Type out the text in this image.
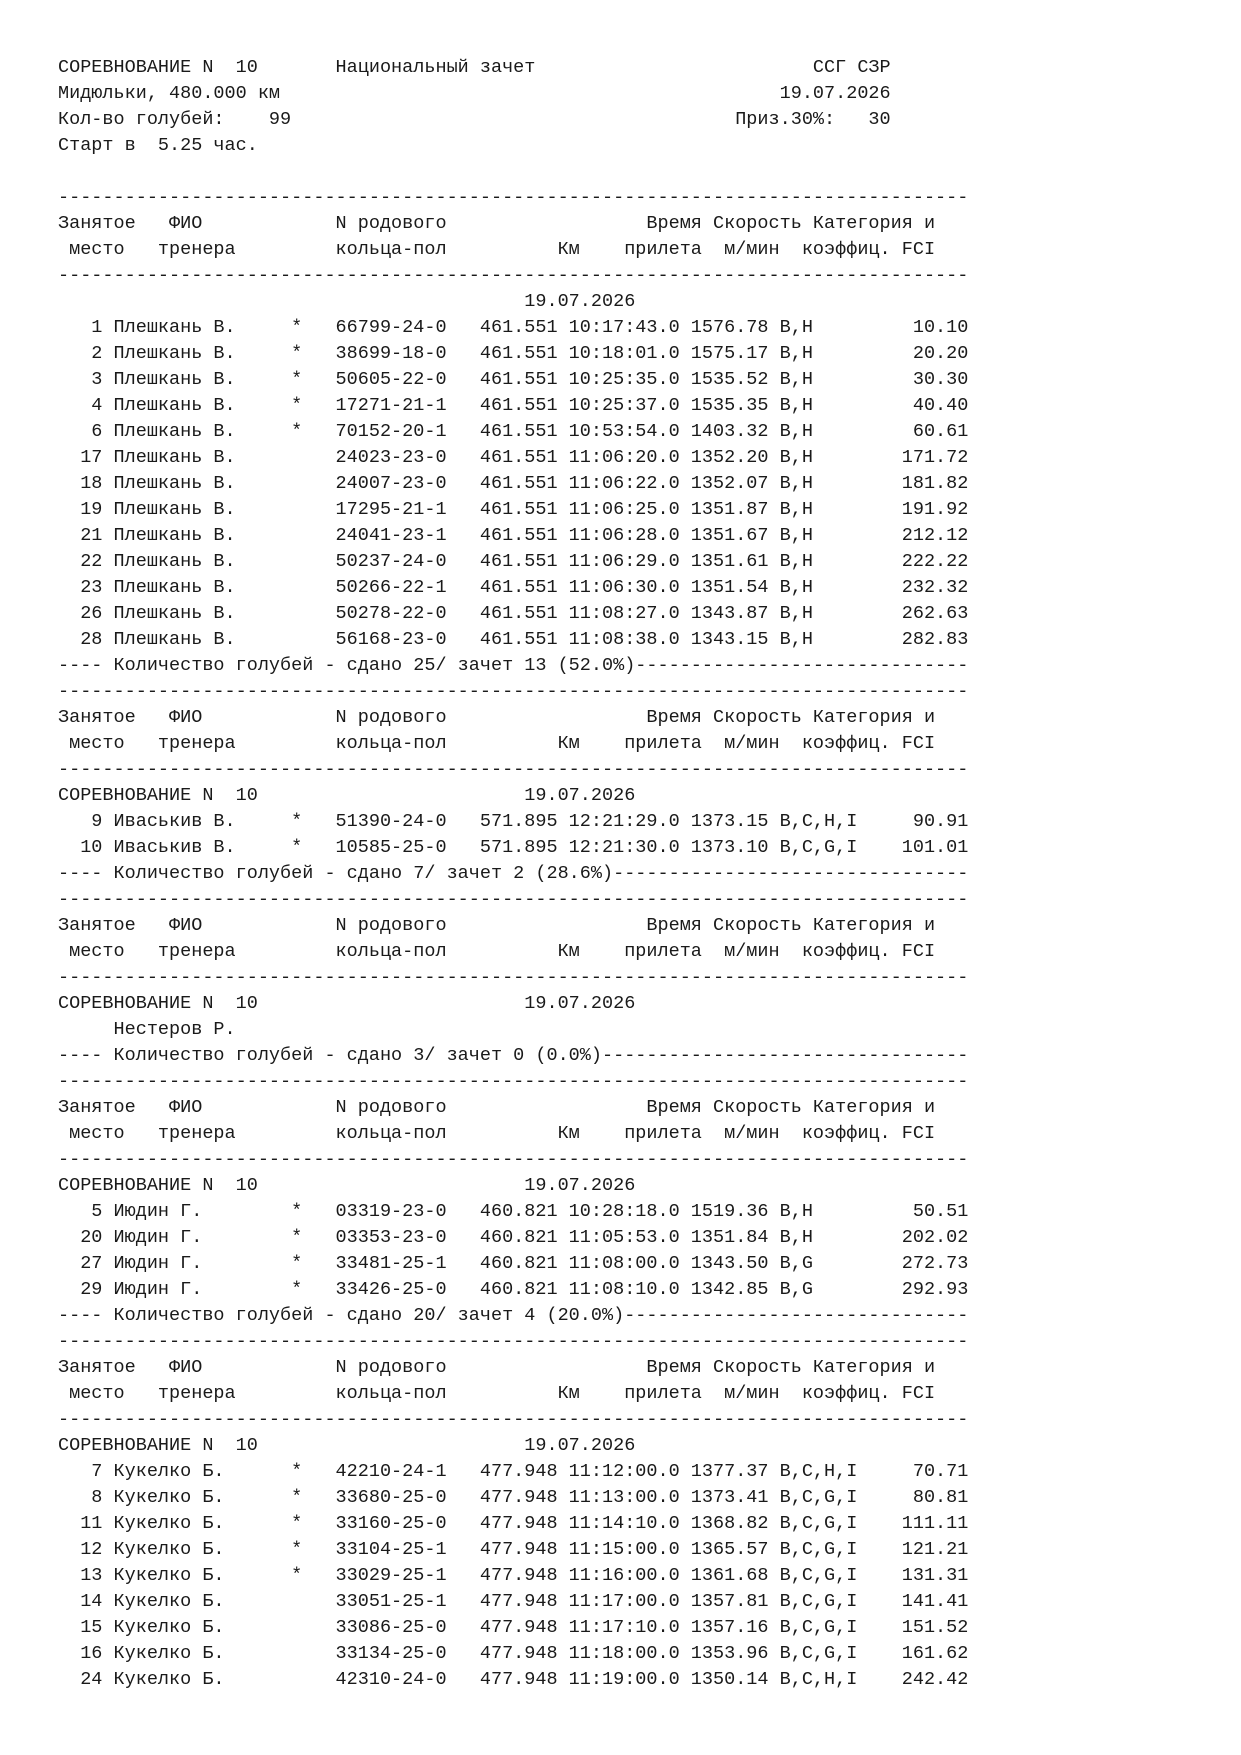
СОРЕВНОВАНИЕ N  10       Национальный зачет                         ССГ СЗР
Мидюльки, 480.000 км                                             19.07.2026
Кол-во голубей:    99                                        Приз.30%:   30
Старт в  5.25 час.
----------------------------------------------------------------------------------
Занятое   ФИО            N родового                  Время Скорость Категория и
место   тренера         кольца-пол          Км    прилета  м/мин  коэффиц. FCI
----------------------------------------------------------------------------------
19.07.2026
1 Плешкань В.     *   66799-24-0   461.551 10:17:43.0 1576.78 B,H         10.10
2 Плешкань В.     *   38699-18-0   461.551 10:18:01.0 1575.17 B,H         20.20
3 Плешкань В.     *   50605-22-0   461.551 10:25:35.0 1535.52 B,H         30.30
4 Плешкань В.     *   17271-21-1   461.551 10:25:37.0 1535.35 B,H         40.40
6 Плешкань В.     *   70152-20-1   461.551 10:53:54.0 1403.32 B,H         60.61
17 Плешкань В.         24023-23-0   461.551 11:06:20.0 1352.20 B,H        171.72
18 Плешкань В.         24007-23-0   461.551 11:06:22.0 1352.07 B,H        181.82
19 Плешкань В.         17295-21-1   461.551 11:06:25.0 1351.87 B,H        191.92
21 Плешкань В.         24041-23-1   461.551 11:06:28.0 1351.67 B,H        212.12
22 Плешкань В.         50237-24-0   461.551 11:06:29.0 1351.61 B,H        222.22
23 Плешкань В.         50266-22-1   461.551 11:06:30.0 1351.54 B,H        232.32
26 Плешкань В.         50278-22-0   461.551 11:08:27.0 1343.87 B,H        262.63
28 Плешкань В.         56168-23-0   461.551 11:08:38.0 1343.15 B,H        282.83
---- Количество голубей - сдано 25/ зачет 13 (52.0%)------------------------------
----------------------------------------------------------------------------------
Занятое   ФИО            N родового                  Время Скорость Категория и
место   тренера         кольца-пол          Км    прилета  м/мин  коэффиц. FCI
----------------------------------------------------------------------------------
СОРЕВНОВАНИЕ N  10                        19.07.2026
9 Иваськив В.     *   51390-24-0   571.895 12:21:29.0 1373.15 B,C,H,I     90.91
10 Иваськив В.     *   10585-25-0   571.895 12:21:30.0 1373.10 B,C,G,I    101.01
---- Количество голубей - сдано 7/ зачет 2 (28.6%)--------------------------------
----------------------------------------------------------------------------------
Занятое   ФИО            N родового                  Время Скорость Категория и
место   тренера         кольца-пол          Км    прилета  м/мин  коэффиц. FCI
----------------------------------------------------------------------------------
СОРЕВНОВАНИЕ N  10                        19.07.2026
Нестеров Р.
---- Количество голубей - сдано 3/ зачет 0 (0.0%)---------------------------------
----------------------------------------------------------------------------------
Занятое   ФИО            N родового                  Время Скорость Категория и
место   тренера         кольца-пол          Км    прилета  м/мин  коэффиц. FCI
----------------------------------------------------------------------------------
СОРЕВНОВАНИЕ N  10                        19.07.2026
5 Июдин Г.        *   03319-23-0   460.821 10:28:18.0 1519.36 B,H         50.51
20 Июдин Г.        *   03353-23-0   460.821 11:05:53.0 1351.84 B,H        202.02
27 Июдин Г.        *   33481-25-1   460.821 11:08:00.0 1343.50 B,G        272.73
29 Июдин Г.        *   33426-25-0   460.821 11:08:10.0 1342.85 B,G        292.93
---- Количество голубей - сдано 20/ зачет 4 (20.0%)-------------------------------
----------------------------------------------------------------------------------
Занятое   ФИО            N родового                  Время Скорость Категория и
место   тренера         кольца-пол          Км    прилета  м/мин  коэффиц. FCI
----------------------------------------------------------------------------------
СОРЕВНОВАНИЕ N  10                        19.07.2026
7 Кукелко Б.      *   42210-24-1   477.948 11:12:00.0 1377.37 B,C,H,I     70.71
8 Кукелко Б.      *   33680-25-0   477.948 11:13:00.0 1373.41 B,C,G,I     80.81
11 Кукелко Б.      *   33160-25-0   477.948 11:14:10.0 1368.82 B,C,G,I    111.11
12 Кукелко Б.      *   33104-25-1   477.948 11:15:00.0 1365.57 B,C,G,I    121.21
13 Кукелко Б.      *   33029-25-1   477.948 11:16:00.0 1361.68 B,C,G,I    131.31
14 Кукелко Б.          33051-25-1   477.948 11:17:00.0 1357.81 B,C,G,I    141.41
15 Кукелко Б.          33086-25-0   477.948 11:17:10.0 1357.16 B,C,G,I    151.52
16 Кукелко Б.          33134-25-0   477.948 11:18:00.0 1353.96 B,C,G,I    161.62
24 Кукелко Б.          42310-24-0   477.948 11:19:00.0 1350.14 B,C,H,I    242.42
